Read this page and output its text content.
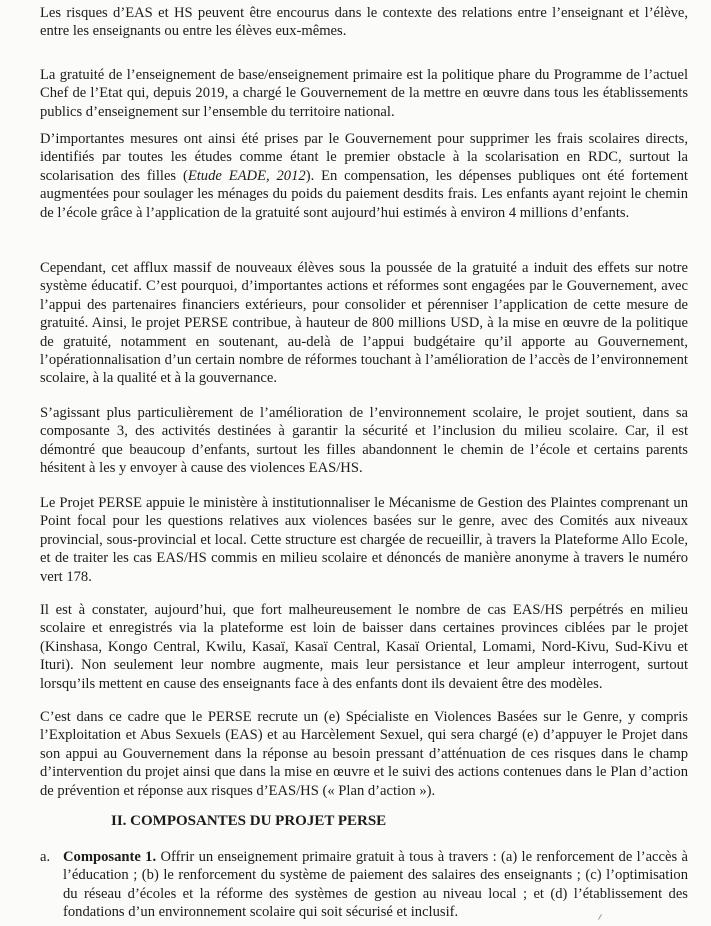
Les risques d’EAS et HS peuvent être encourus dans le contexte des relations entre l’enseignant et l’élève, entre les enseignants ou entre les élèves eux-mêmes.

La gratuité de l’enseignement de base/enseignement primaire est la politique phare du Programme de l’actuel Chef de l’Etat qui, depuis 2019, a chargé le Gouvernement de la mettre en œuvre dans tous les établissements publics d’enseignement sur l’ensemble du territoire national.

D’importantes mesures ont ainsi été prises par le Gouvernement pour supprimer les frais scolaires directs, identifiés par toutes les études comme étant le premier obstacle à la scolarisation en RDC, surtout la scolarisation des filles (Etude EADE, 2012). En compensation, les dépenses publiques ont été fortement augmentées pour soulager les ménages du poids du paiement desdits frais. Les enfants ayant rejoint le chemin de l’école grâce à l’application de la gratuité sont aujourd’hui estimés à environ 4 millions d’enfants.

Cependant, cet afflux massif de nouveaux élèves sous la poussée de la gratuité a induit des effets sur notre système éducatif. C’est pourquoi, d’importantes actions et réformes sont engagées par le Gouvernement, avec l’appui des partenaires financiers extérieurs, pour consolider et pérenniser l’application de cette mesure de gratuité. Ainsi, le projet PERSE contribue, à hauteur de 800 millions USD, à la mise en œuvre de la politique de gratuité, notamment en soutenant, au-delà de l’appui budgétaire qu’il apporte au Gouvernement, l’opérationnalisation d’un certain nombre de réformes touchant à l’amélioration de l’accès de l’environnement scolaire, à la qualité et à la gouvernance.

S’agissant plus particulièrement de l’amélioration de l’environnement scolaire, le projet soutient, dans sa composante 3, des activités destinées à garantir la sécurité et l’inclusion du milieu scolaire. Car, il est démontré que beaucoup d’enfants, surtout les filles abandonnent le chemin de l’école et certains parents hésitent à les y envoyer à cause des violences EAS/HS.

Le Projet PERSE appuie le ministère à institutionnaliser le Mécanisme de Gestion des Plaintes comprenant un Point focal pour les questions relatives aux violences basées sur le genre, avec des Comités aux niveaux provincial, sous-provincial et local. Cette structure est chargée de recueillir, à travers la Plateforme Allo Ecole, et de traiter les cas EAS/HS commis en milieu scolaire et dénoncés de manière anonyme à travers le numéro vert 178.

Il est à constater, aujourd’hui, que fort malheureusement le nombre de cas EAS/HS perpétrés en milieu scolaire et enregistrés via la plateforme est loin de baisser dans certaines provinces ciblées par le projet (Kinshasa, Kongo Central, Kwilu, Kasaï, Kasaï Central, Kasaï Oriental, Lomami, Nord-Kivu, Sud-Kivu et Ituri). Non seulement leur nombre augmente, mais leur persistance et leur ampleur interrogent, surtout lorsqu’ils mettent en cause des enseignants face à des enfants dont ils devaient être des modèles.

C’est dans ce cadre que le PERSE recrute un (e) Spécialiste en Violences Basées sur le Genre, y compris l’Exploitation et Abus Sexuels (EAS) et au Harcèlement Sexuel, qui sera chargé (e) d’appuyer le Projet dans son appui au Gouvernement dans la réponse au besoin pressant d’atténuation de ces risques dans le champ d’intervention du projet ainsi que dans la mise en œuvre et le suivi des actions contenues dans le Plan d’action de prévention et réponse aux risques d’EAS/HS (« Plan d’action »).

II. COMPOSANTES DU PROJET PERSE
a. Composante 1. Offrir un enseignement primaire gratuit à tous à travers : (a) le renforcement de l’accès à l’éducation ; (b) le renforcement du système de paiement des salaires des enseignants ; (c) l’optimisation du réseau d’écoles et la réforme des systèmes de gestion au niveau local ; et (d) l’établissement des fondations d’un environnement scolaire qui soit sécurisé et inclusif.
